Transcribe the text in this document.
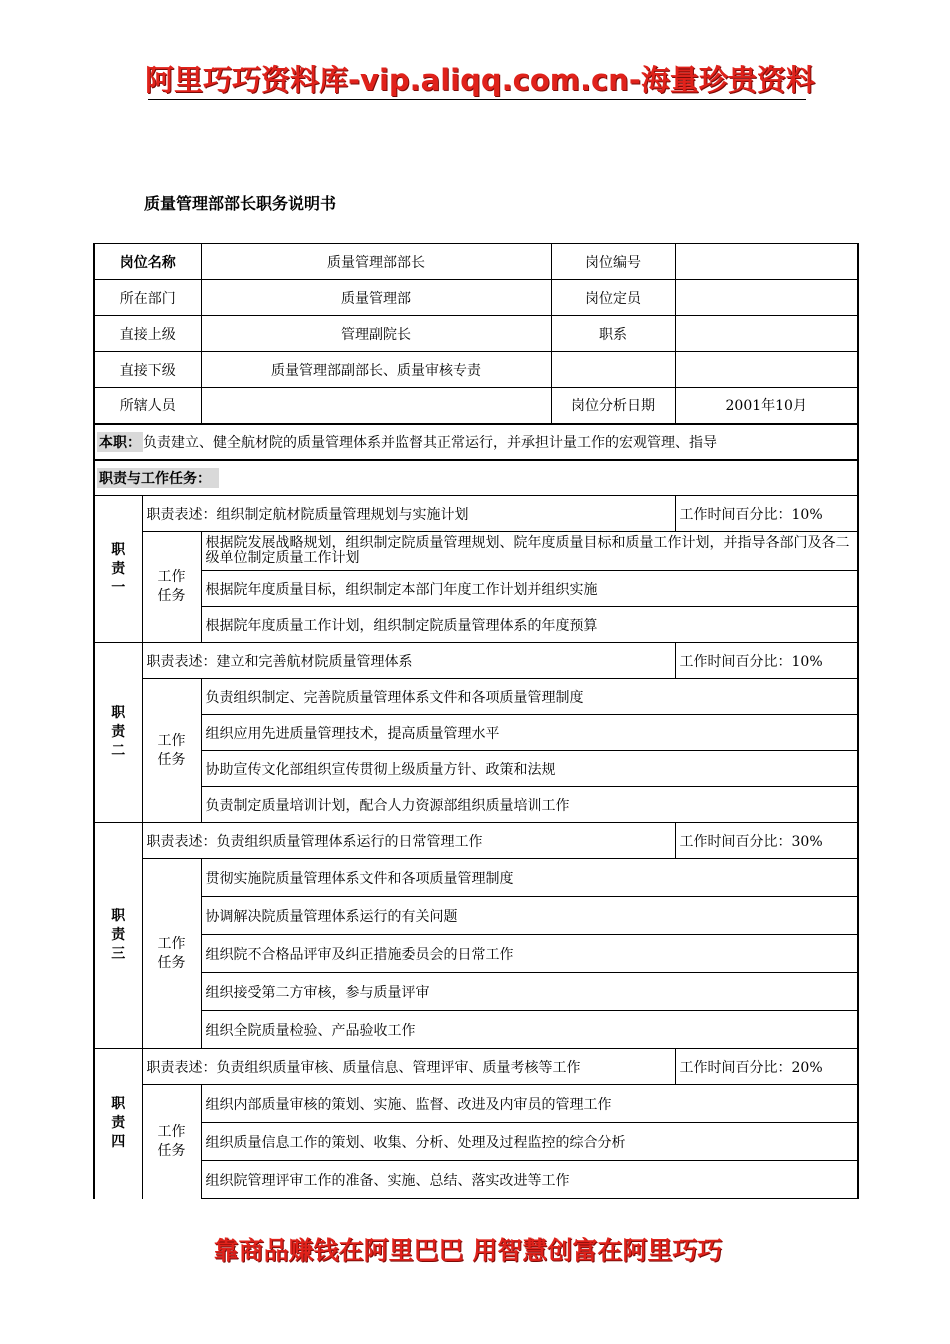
阿里巧巧资料库-vip.aliqq.com.cn-海量珍贵资料
质量管理部部长职务说明书
岗位名称		质量管理部部长	岗位编号	
所在部门		质量管理部	岗位定员	
直接上级		管理副院长	职系	
直接下级		质量管理部副部长、质量审核专责		
所辖人员			岗位分析日期	2001年10月
本职： 负责建立、健全航材院的质量管理体系并监督其正常运行，并承担计量工作的宏观管理、指导				
职责与工作任务：				
职责一	职责表述：组织制定航材院质量管理规划与实施计划			工作时间百分比：10%
	工作任务	根据院发展战略规划，组织制定院质量管理规划、院年度质量目标和质量工作计划，并指导各部门及各二级单位制定质量工作计划		
		根据院年度质量目标，组织制定本部门年度工作计划并组织实施		
		根据院年度质量工作计划，组织制定院质量管理体系的年度预算		
职责二	职责表述：建立和完善航材院质量管理体系			工作时间百分比：10%
	工作任务	负责组织制定、完善院质量管理体系文件和各项质量管理制度		
		组织应用先进质量管理技术，提高质量管理水平		
		协助宣传文化部组织宣传贯彻上级质量方针、政策和法规		
		负责制定质量培训计划，配合人力资源部组织质量培训工作		
职责三	职责表述：负责组织质量管理体系运行的日常管理工作			工作时间百分比：30%
	工作任务	贯彻实施院质量管理体系文件和各项质量管理制度		
		协调解决院质量管理体系运行的有关问题		
		组织院不合格品评审及纠正措施委员会的日常工作		
		组织接受第二方审核，参与质量评审		
		组织全院质量检验、产品验收工作		
职责四	职责表述：负责组织质量审核、质量信息、管理评审、质量考核等工作			工作时间百分比：20%
	工作任务	组织内部质量审核的策划、实施、监督、改进及内审员的管理工作		
		组织质量信息工作的策划、收集、分析、处理及过程监控的综合分析		
		组织院管理评审工作的准备、实施、总结、落实改进等工作		
靠商品赚钱在阿里巴巴 用智慧创富在阿里巧巧
